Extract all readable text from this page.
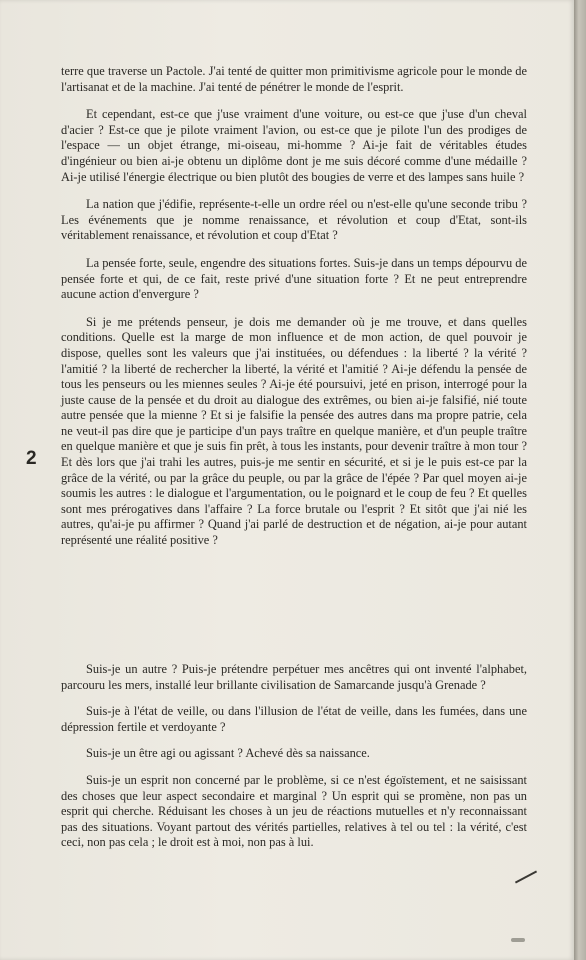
terre que traverse un Pactole. J'ai tenté de quitter mon primitivisme agricole pour le monde de l'artisanat et de la machine. J'ai tenté de pénétrer le monde de l'esprit.

Et cependant, est-ce que j'use vraiment d'une voiture, ou est-ce que j'use d'un cheval d'acier ? Est-ce que je pilote vraiment l'avion, ou est-ce que je pilote l'un des prodiges de l'espace — un objet étrange, mi-oiseau, mi-homme ? Ai-je fait de véritables études d'ingénieur ou bien ai-je obtenu un diplôme dont je me suis décoré comme d'une médaille ? Ai-je utilisé l'énergie électrique ou bien plutôt des bougies de verre et des lampes sans huile ?

La nation que j'édifie, représente-t-elle un ordre réel ou n'est-elle qu'une seconde tribu ? Les événements que je nomme renaissance, et révolution et coup d'Etat, sont-ils véritablement renaissance, et révolution et coup d'Etat ?

La pensée forte, seule, engendre des situations fortes. Suis-je dans un temps dépourvu de pensée forte et qui, de ce fait, reste privé d'une situation forte ? Et ne peut entreprendre aucune action d'envergure ?

Si je me prétends penseur, je dois me demander où je me trouve, et dans quelles conditions. Quelle est la marge de mon influence et de mon action, de quel pouvoir je dispose, quelles sont les valeurs que j'ai instituées, ou défendues : la liberté ? la vérité ? l'amitié ? la liberté de rechercher la liberté, la vérité et l'amitié ? Ai-je défendu la pensée de tous les penseurs ou les miennes seules ? Ai-je été poursuivi, jeté en prison, interrogé pour la juste cause de la pensée et du droit au dialogue des extrêmes, ou bien ai-je falsifié, nié toute autre pensée que la mienne ? Et si je falsifie la pensée des autres dans ma propre patrie, cela ne veut-il pas dire que je participe d'un pays traître en quelque manière, et d'un peuple traître en quelque manière et que je suis fin prêt, à tous les instants, pour devenir traître à mon tour ? Et dès lors que j'ai trahi les autres, puis-je me sentir en sécurité, et si je le puis est-ce par la grâce de la vérité, ou par la grâce du peuple, ou par la grâce de l'épée ? Par quel moyen ai-je soumis les autres : le dialogue et l'argumentation, ou le poignard et le coup de feu ? Et quelles sont mes prérogatives dans l'affaire ? La force brutale ou l'esprit ? Et sitôt que j'ai nié les autres, qu'ai-je pu affirmer ? Quand j'ai parlé de destruction et de négation, ai-je pour autant représenté une réalité positive ?

2

Suis-je un autre ? Puis-je prétendre perpétuer mes ancêtres qui ont inventé l'alphabet, parcouru les mers, installé leur brillante civilisation de Samarcande jusqu'à Grenade ?

Suis-je à l'état de veille, ou dans l'illusion de l'état de veille, dans les fumées, dans une dépression fertile et verdoyante ?

Suis-je un être agi ou agissant ? Achevé dès sa naissance.

Suis-je un esprit non concerné par le problème, si ce n'est égoïstement, et ne saisissant des choses que leur aspect secondaire et marginal ? Un esprit qui se promène, non pas un esprit qui cherche. Réduisant les choses à un jeu de réactions mutuelles et n'y reconnaissant pas des situations. Voyant partout des vérités partielles, relatives à tel ou tel : la vérité, c'est ceci, non pas cela ; le droit est à moi, non pas à lui.
